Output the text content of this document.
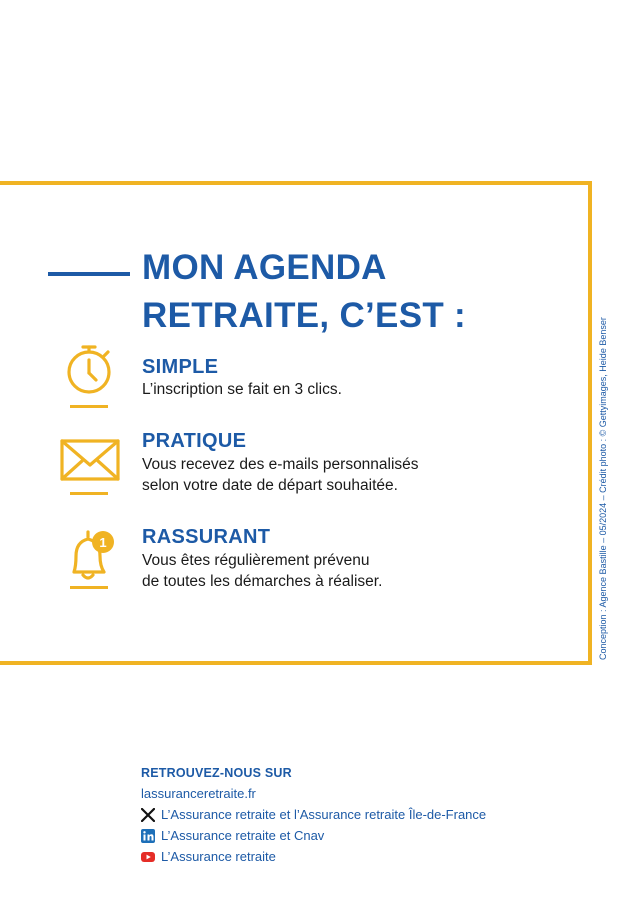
MON AGENDA
RETRAITE, C’EST :

SIMPLE

L’inscription se fait en 3 clics.

PRATIQUE

Vous recevez des e-mails personnalisés
selon votre date de départ souhaitée.

1 RASSURANT

Vous êtes régulièrement prévenu
de toutes les démarches à réaliser.	Conception : Agence Bastille – 05/2024 – Crédit photo : © Gettyimages, Heide Benser

RETROUVEZ-NOUS SUR

lassuranceretraite.fr
L’Assurance retraite et l’Assurance retraite Île-de-France
L’Assurance retraite et Cnav
L’Assurance retraite
